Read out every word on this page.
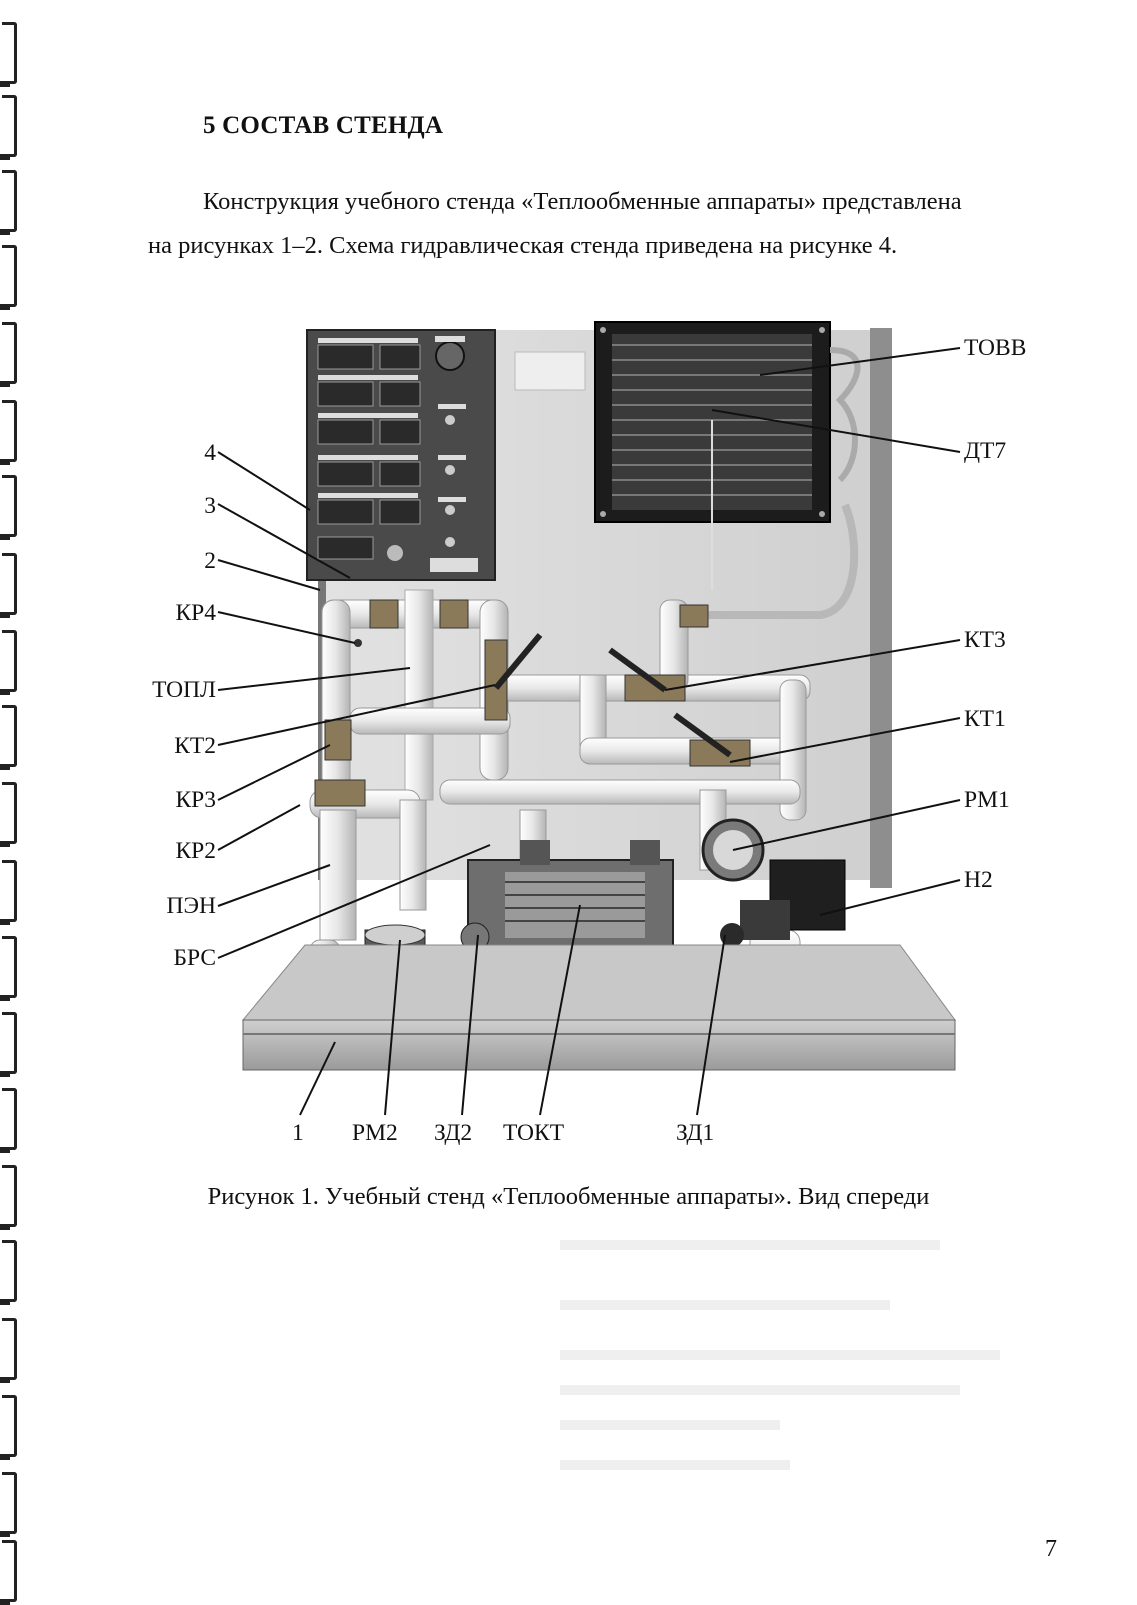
5 СОСТАВ СТЕНДА
Конструкция учебного стенда «Теплообменные аппараты» представлена
на рисунках 1–2. Схема гидравлическая стенда приведена на рисунке 4.
4
3
2
КР4
ТОПЛ
КТ2
КР3
КР2
ПЭН
БРС
ТОВВ
ДТ7
КТ3
КТ1
РМ1
Н2
1 РМ2 ЗД2 ТОКТ	ЗД1
Рисунок 1. Учебный стенд «Теплообменные аппараты». Вид спереди
7
